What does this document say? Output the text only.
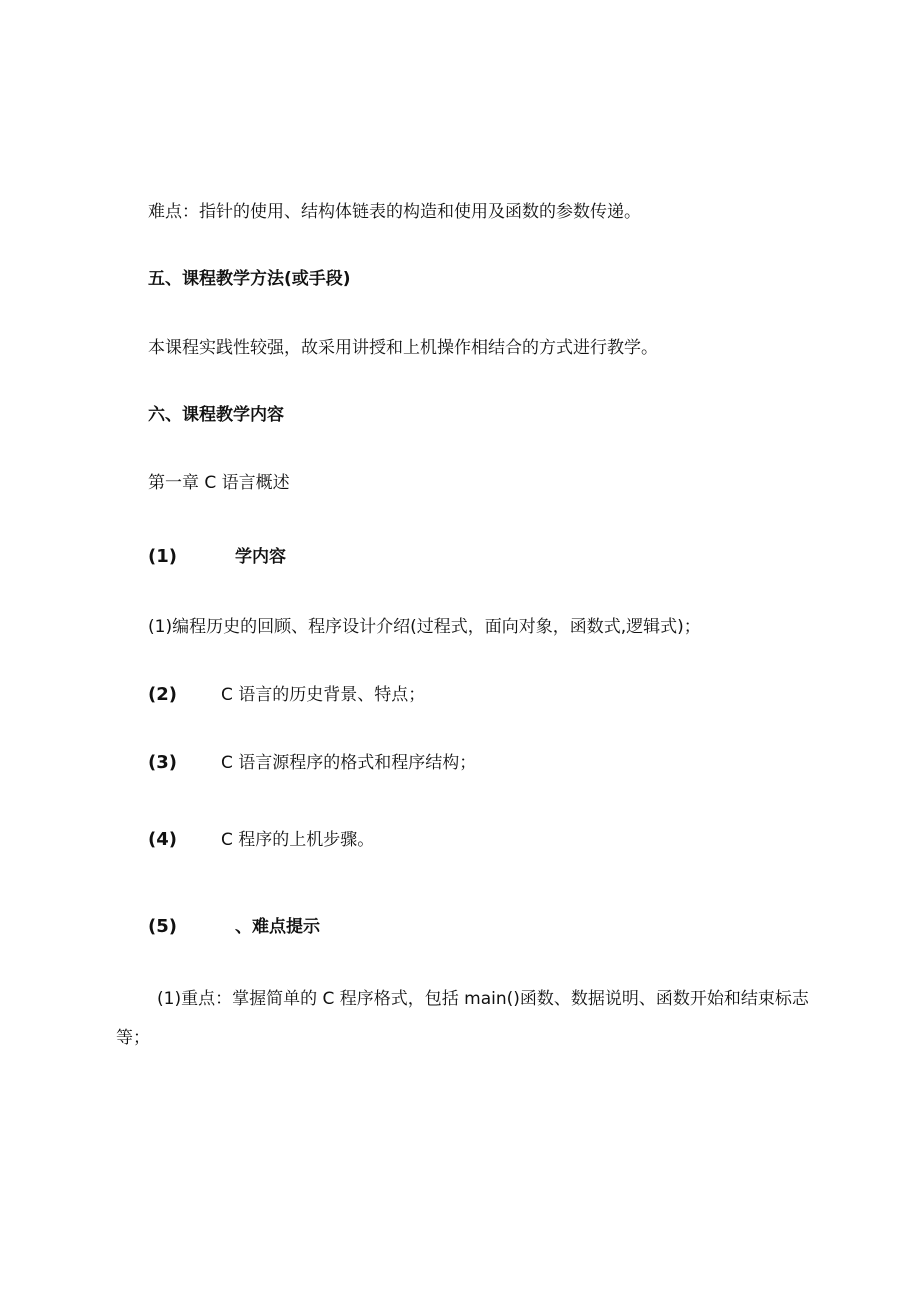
难点：指针的使用、结构体链表的构造和使用及函数的参数传递。

五、课程教学方法(或手段)

本课程实践性较强，故采用讲授和上机操作相结合的方式进行教学。

六、课程教学内容

第一章 C 语言概述

(1)	学内容

(1)编程历史的回顾、程序设计介绍(过程式，面向对象，函数式,逻辑式)；

(2)	C 语言的历史背景、特点；

(3)	C 语言源程序的格式和程序结构；

(4)	C 程序的上机步骤。

(5)	、难点提示

(1)重点：掌握简单的 C 程序格式，包括 main()函数、数据说明、函数开始和结束标志

等；
